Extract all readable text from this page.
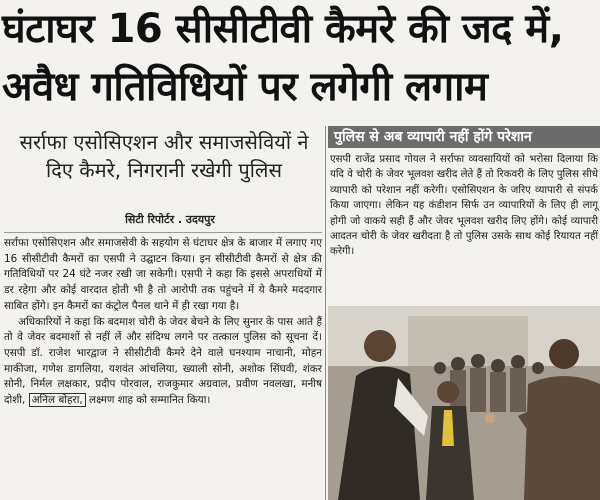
घंटाघर 16 सीसीटीवी कैमरे की जद में,
अवैध गतिविधियों पर लगेगी लगाम
सर्राफा एसोसिएशन और समाजसेवियों ने दिए कैमरे, निगरानी रखेगी पुलिस
सिटी रिपोर्टर . उदयपुर

सर्राफा एसोसिएशन और समाजसेवी के सहयोग से घंटाघर क्षेत्र के बाजार में लगाए गए 16 सीसीटीवी कैमरों का एसपी ने उद्घाटन किया। इन सीसीटीवी कैमरों से क्षेत्र की गतिविधियों पर 24 घंटे नजर रखी जा सकेगी। एसपी ने कहा कि इससे अपराधियों में डर रहेगा और कोई वारदात होती भी है तो आरोपी तक पहुंचने में ये कैमरे मददगार साबित होंगे। इन कैमरों का कंट्रोल पैनल थाने में ही रखा गया है।

अधिकारियों ने कहा कि बदमाश चोरी के जेवर बेचने के लिए सुनार के पास आते हैं तो वे जेवर बदमाशों से नहीं लें और संदिग्ध लगने पर तत्काल पुलिस को सूचना दें। एसपी डॉ. राजेश भारद्वाज ने सीसीटीवी कैमरे देने वाले घनश्याम नाचानी, मोहन माकीजा, गणेश डागलिया, यशवंत आंचलिया, ख्याली सोनी, अशोक सिंघवी, शंकर सोनी, निर्मल लक्षकार, प्रदीप पोरवाल, राजकुमार अग्रवाल, प्रवीण नवलखा, मनीष दोशी, अनिल बोहरा, लक्ष्मण शाह को सम्मानित किया।

पुलिस से अब व्यापारी नहीं होंगे परेशान

एसपी राजेंद्र प्रसाद गोयल ने सर्राफा व्यवसायियों को भरोसा दिलाया कि यदि वे चोरी के जेवर भूलवश खरीद लेते हैं तो रिकवरी के लिए पुलिस सीधे व्यापारी को परेशान नहीं करेगी। एसोसिएशन के जरिए व्यापारी से संपर्क किया जाएगा। लेकिन यह कंडीशन सिर्फ उन व्यापारियों के लिए ही लागू होगी जो वाकये सही हैं और जेवर भूलवश खरीद लिए होंगे। कोई व्यापारी आदतन चोरी के जेवर खरीदता है तो पुलिस उसके साथ कोई रियायत नहीं करेगी।
